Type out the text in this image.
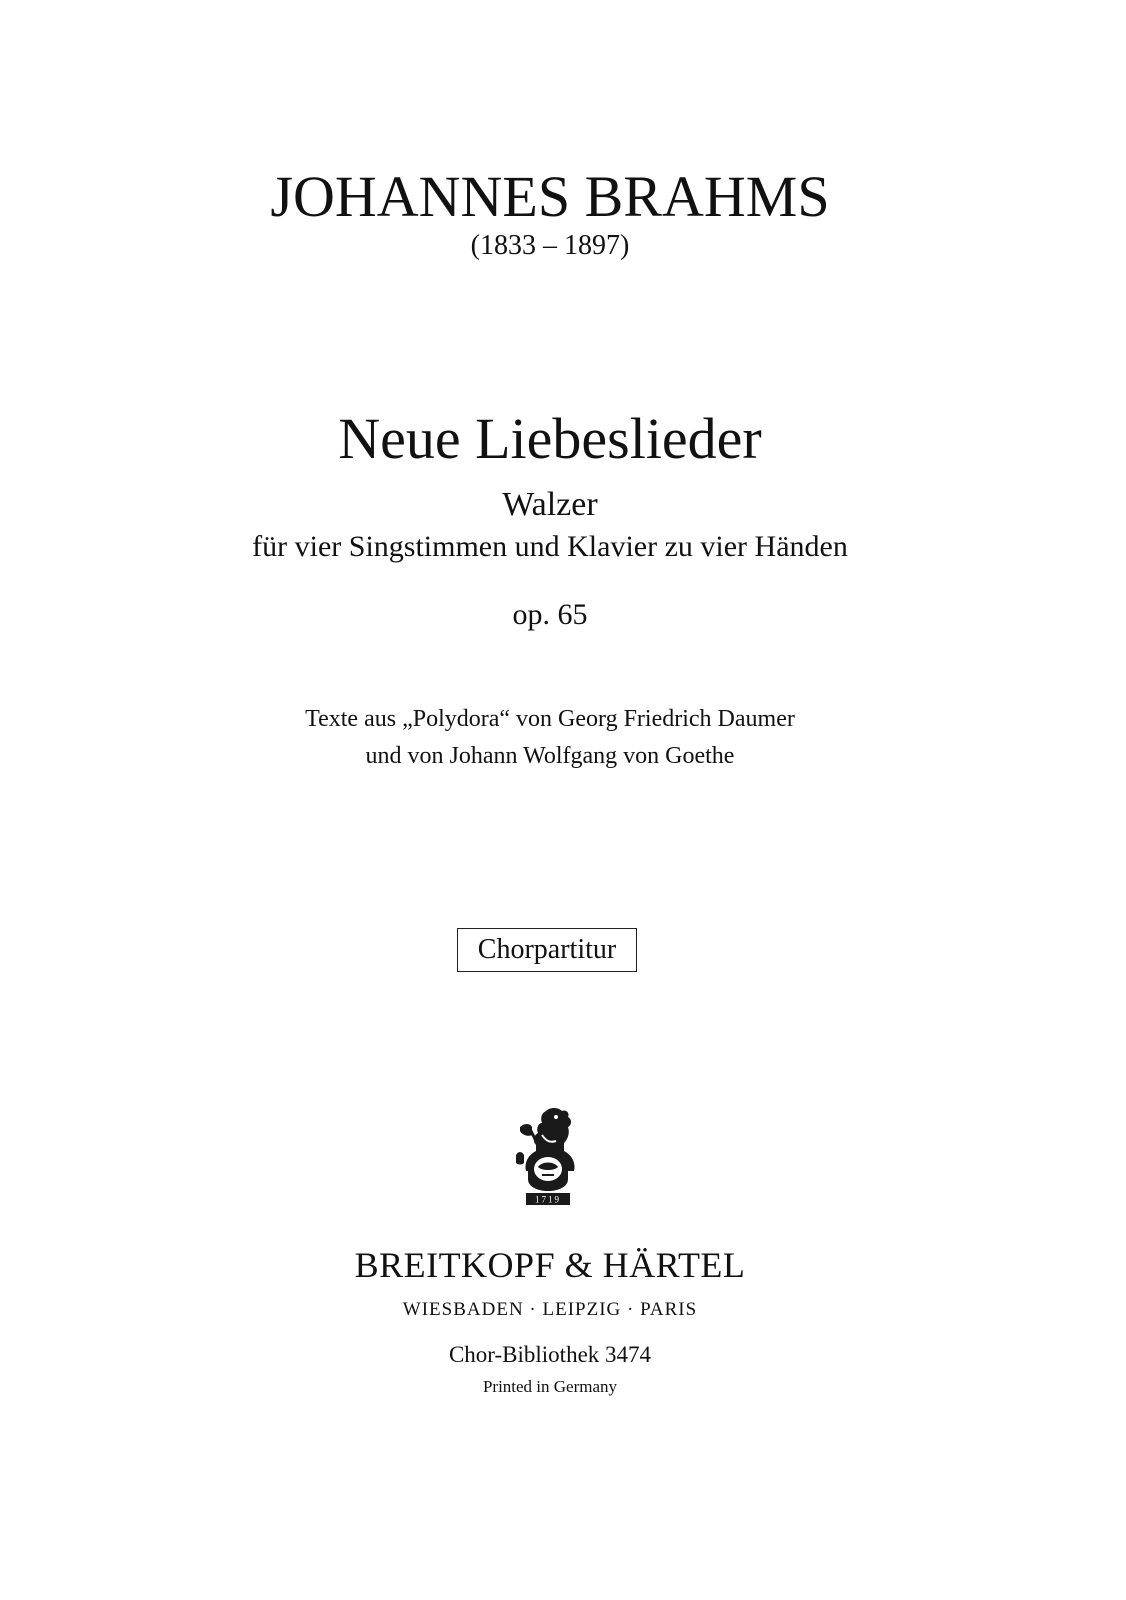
JOHANNES BRAHMS
(1833 – 1897)
Neue Liebeslieder
Walzer
für vier Singstimmen und Klavier zu vier Händen
op. 65
Texte aus „Polydora“ von Georg Friedrich Daumer
und von Johann Wolfgang von Goethe
Chorpartitur
1719
BREITKOPF & HÄRTEL
WIESBADEN · LEIPZIG · PARIS
Chor-Bibliothek 3474
Printed in Germany
